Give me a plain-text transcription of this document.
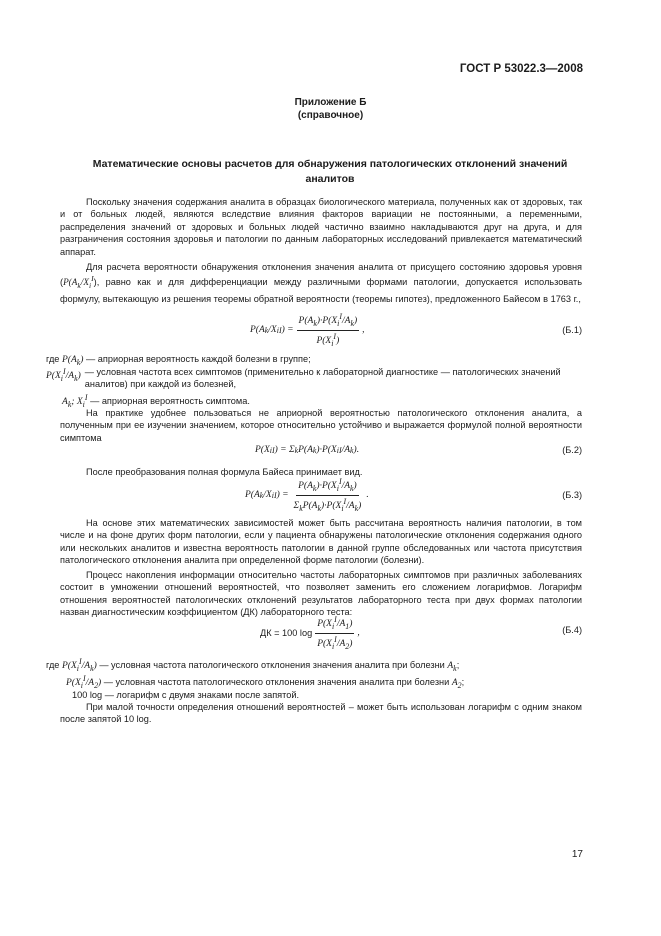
ГОСТ Р 53022.3—2008
Приложение Б
(справочное)
Математические основы расчетов для обнаружения патологических отклонений значений аналитов
Поскольку значения содержания аналита в образцах биологического материала, полученных как от здоровых, так и от больных людей, являются вследствие влияния факторов вариации не постоянными, а переменными, распределения значений от здоровых и больных людей частично взаимно накладываются друг на друга, и для разграничения состояния здоровья и патологии по данным лабораторных исследований привлекается математический аппарат.
Для расчета вероятности обнаружения отклонения значения аналита от присущего состоянию здоровья уровня ($P(A_k/X_i^I)$, равно как и для дифференциации между различными формами патологии, допускается использовать формулу, вытекающую из решения теоремы обратной вероятности (теоремы гипотез), предложенного Байесом в 1763 г.,
P(A k /X i I ) = $\frac{P(A_k)\cdot P(X_i^I/A_k)}{P(X_i^I)}$ ,	(Б.1)
где $P(A_k)$ — априорная вероятность каждой болезни в группе;
$P(X_i^I/A_k)$ — условная частота всех симптомов (применительно к лабораторной диагностике — патологических значений аналитов) при каждой из болезней,
$A_k$; $X_i^I$ — априорная вероятность симптома.
На практике удобнее пользоваться не априорной вероятностью патологического отклонения аналита, а полученным при ее изучении значением, которое относительно устойчиво и выражается формулой полной вероятности симптома
P(X i I ) = Σ k P(A k )·P(X i I /A k ).	(Б.2)
После преобразования полная формула Байеса принимает вид.
P(A k /X i I ) = $\frac{P(A_k)\cdot P(X_i^I/A_k)}{\Sigma_kP(A_k)\cdot P(X_i^I/A_k)}$ .	(Б.3)
На основе этих математических зависимостей может быть рассчитана вероятность наличия патологии, в том числе и на фоне других форм патологии, если у пациента обнаружены патологические отклонения содержания одного или нескольких аналитов и известна вероятность патологии в данной группе обследованных или частота присутствия патологического отклонения аналита при определенной форме патологии (болезни).
Процесс накопления информации относительно частоты лабораторных симптомов при различных заболеваниях состоит в умножении отношений вероятностей, что позволяет заменить его сложением логарифмов. Логарифм отношения вероятностей патологических отклонений результатов лабораторного теста при двух формах патологии назван диагностическим коэффициентом (ДК) лабораторного теста:
ДК = 100 $\log \frac{P(X_i^I/A_1)}{P(X_i^I/A_2)}$ ,	(Б.4)
где $P(X_i^I/A_k)$ — условная частота патологического отклонения значения аналита при болезни $A_k$;
$P(X_i^I/A_2)$ — условная частота патологического отклонения значения аналита при болезни $A_2$;
100 log — логарифм с двумя знаками после запятой.
При малой точности определения отношений вероятностей – может быть использован логарифм с одним знаком после запятой 10 log.
17
